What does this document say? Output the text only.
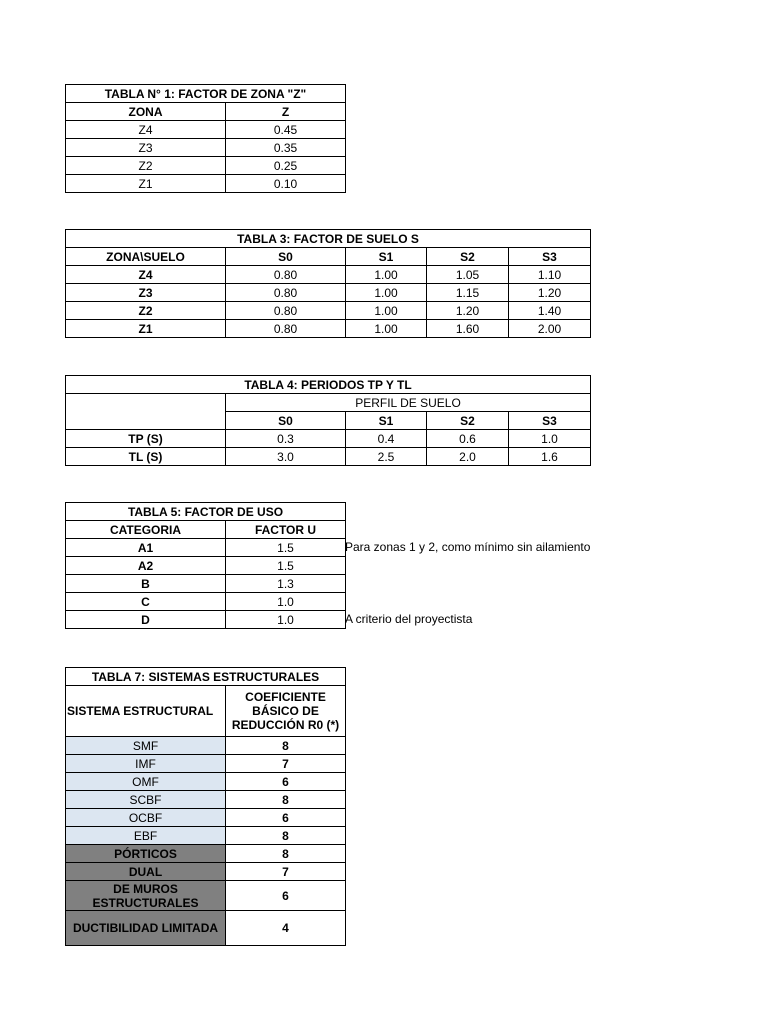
TABLA N° 1: FACTOR DE ZONA "Z"	
ZONA	Z
Z4	0.45
Z3	0.35
Z2	0.25
Z1	0.10
TABLA 3: FACTOR DE SUELO S				
ZONA\SUELO	S0	S1	S2	S3
Z4	0.80	1.00	1.05	1.10
Z3	0.80	1.00	1.15	1.20
Z2	0.80	1.00	1.20	1.40
Z1	0.80	1.00	1.60	2.00
TABLA 4: PERIODOS TP Y TL				
	PERFIL DE SUELO			
	S0	S1	S2	S3
TP (S)	0.3	0.4	0.6	1.0
TL (S)	3.0	2.5	2.0	1.6
TABLA 5: FACTOR DE USO	
CATEGORIA	FACTOR U
A1	1.5
A2	1.5
B	1.3
C	1.0
D	1.0
Para zonas 1 y 2, como mínimo sin ailamiento
A criterio del proyectista
TABLA 7: SISTEMAS ESTRUCTURALES	
SISTEMA ESTRUCTURAL	COEFICIENTE BÁSICO DE REDUCCIÓN R0 (*)
SMF	8
IMF	7
OMF	6
SCBF	8
OCBF	6
EBF	8
PÓRTICOS	8
DUAL	7
DE MUROS ESTRUCTURALES	6
DUCTIBILIDAD LIMITADA	4
